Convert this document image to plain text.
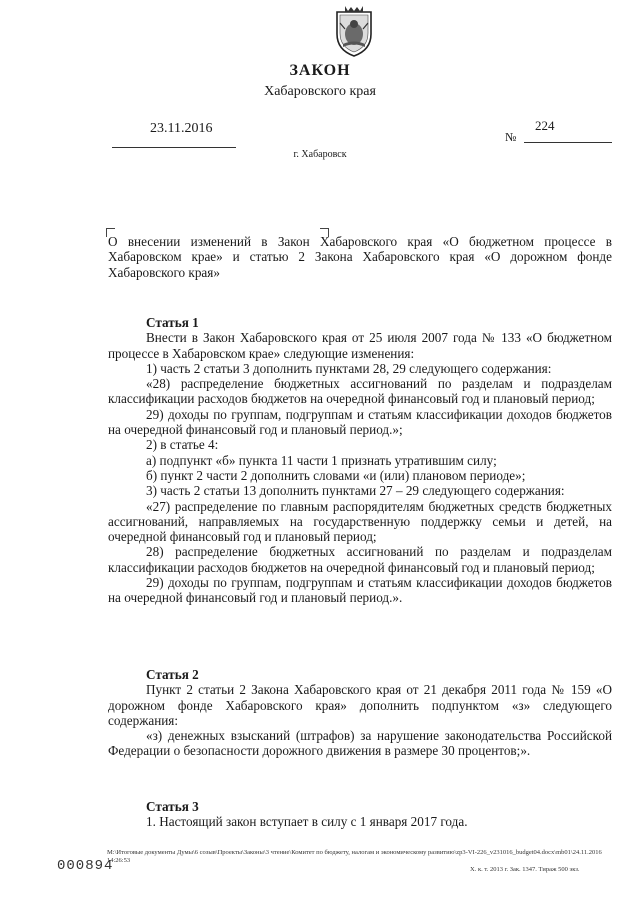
ЗАКОН
Хабаровского края
23.11.2016	224
№
г. Хабаровск

О внесении изменений в Закон Хабаровского края «О бюджетном процессе в Хабаровском крае» и статью 2 Закона Хабаровского края «О дорожном фонде Хабаровского края»

Статья 1

Внести в Закон Хабаровского края от 25 июля 2007 года № 133 «О бюджетном процессе в Хабаровском крае» следующие изменения:

1) часть 2 статьи 3 дополнить пунктами 28, 29 следующего содержания:

«28) распределение бюджетных ассигнований по разделам и подразделам классификации расходов бюджетов на очередной финансовый год и плановый период;

29) доходы по группам, подгруппам и статьям классификации доходов бюджетов на очередной финансовый год и плановый период.»;

2) в статье 4:

а) подпункт «б» пункта 11 части 1 признать утратившим силу;

б) пункт 2 части 2 дополнить словами «и (или) плановом периоде»;

3) часть 2 статьи 13 дополнить пунктами 27 – 29 следующего содержания:

«27) распределение по главным распорядителям бюджетных средств бюджетных ассигнований, направляемых на государственную поддержку семьи и детей, на очередной финансовый год и плановый период;

28) распределение бюджетных ассигнований по разделам и подразделам классификации расходов бюджетов на очередной финансовый год и плановый период;

29) доходы по группам, подгруппам и статьям классификации доходов бюджетов на очередной финансовый год и плановый период.».

Статья 2

Пункт 2 статьи 2 Закона Хабаровского края от 21 декабря 2011 года № 159 «О дорожном фонде Хабаровского края» дополнить подпунктом «з» следующего содержания:

«з) денежных взысканий (штрафов) за нарушение законодательства Российской Федерации о безопасности дорожного движения в размере 30 процентов;».

Статья 3

1. Настоящий закон вступает в силу с 1 января 2017 года.

000894
M:\Итоговые документы Думы\6 созыв\Проекты\Законы\3 чтение\Комитет по бюджету, налогам и экономическому развитию\zp3-VI-226_v231016_budget04.docx\mb01\24.11.2016 14:26:53
Х. к. т. 2013 г. Зак. 1347. Тираж 500 экз.
